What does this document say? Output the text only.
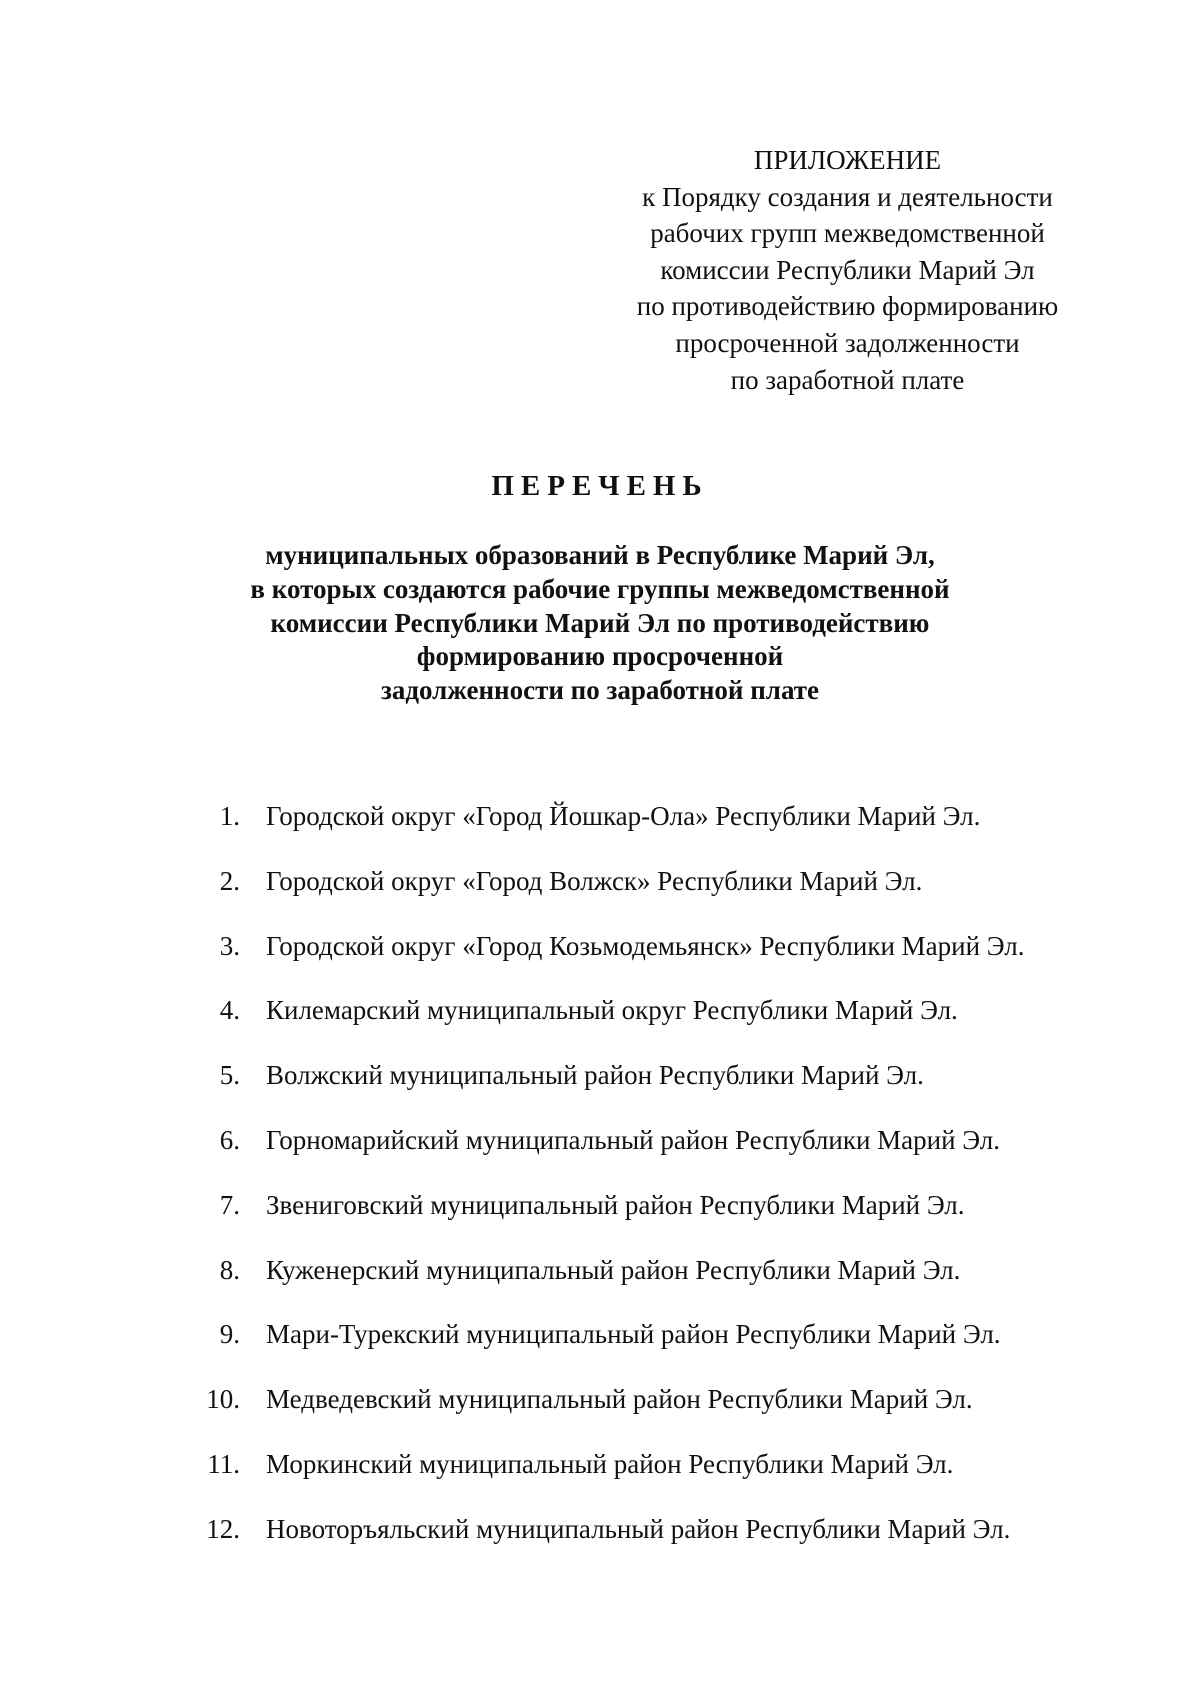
ПРИЛОЖЕНИЕ
к Порядку создания и деятельности
рабочих групп межведомственной
комиссии Республики Марий Эл
по противодействию формированию
просроченной задолженности
по заработной плате
ПЕРЕЧЕНЬ
муниципальных образований в Республике Марий Эл,
в которых создаются рабочие группы межведомственной
комиссии Республики Марий Эл по противодействию
формированию просроченной
задолженности по заработной плате
1. Городской округ «Город Йошкар-Ола» Республики Марий Эл.
2. Городской округ «Город Волжск» Республики Марий Эл.
3. Городской округ «Город Козьмодемьянск» Республики Марий Эл.
4. Килемарский муниципальный округ Республики Марий Эл.
5. Волжский муниципальный район Республики Марий Эл.
6. Горномарийский муниципальный район Республики Марий Эл.
7. Звениговский муниципальный район Республики Марий Эл.
8. Куженерский муниципальный район Республики Марий Эл.
9. Мари-Турекский муниципальный район Республики Марий Эл.
10. Медведевский муниципальный район Республики Марий Эл.
11. Моркинский муниципальный район Республики Марий Эл.
12. Новоторъяльский муниципальный район Республики Марий Эл.
